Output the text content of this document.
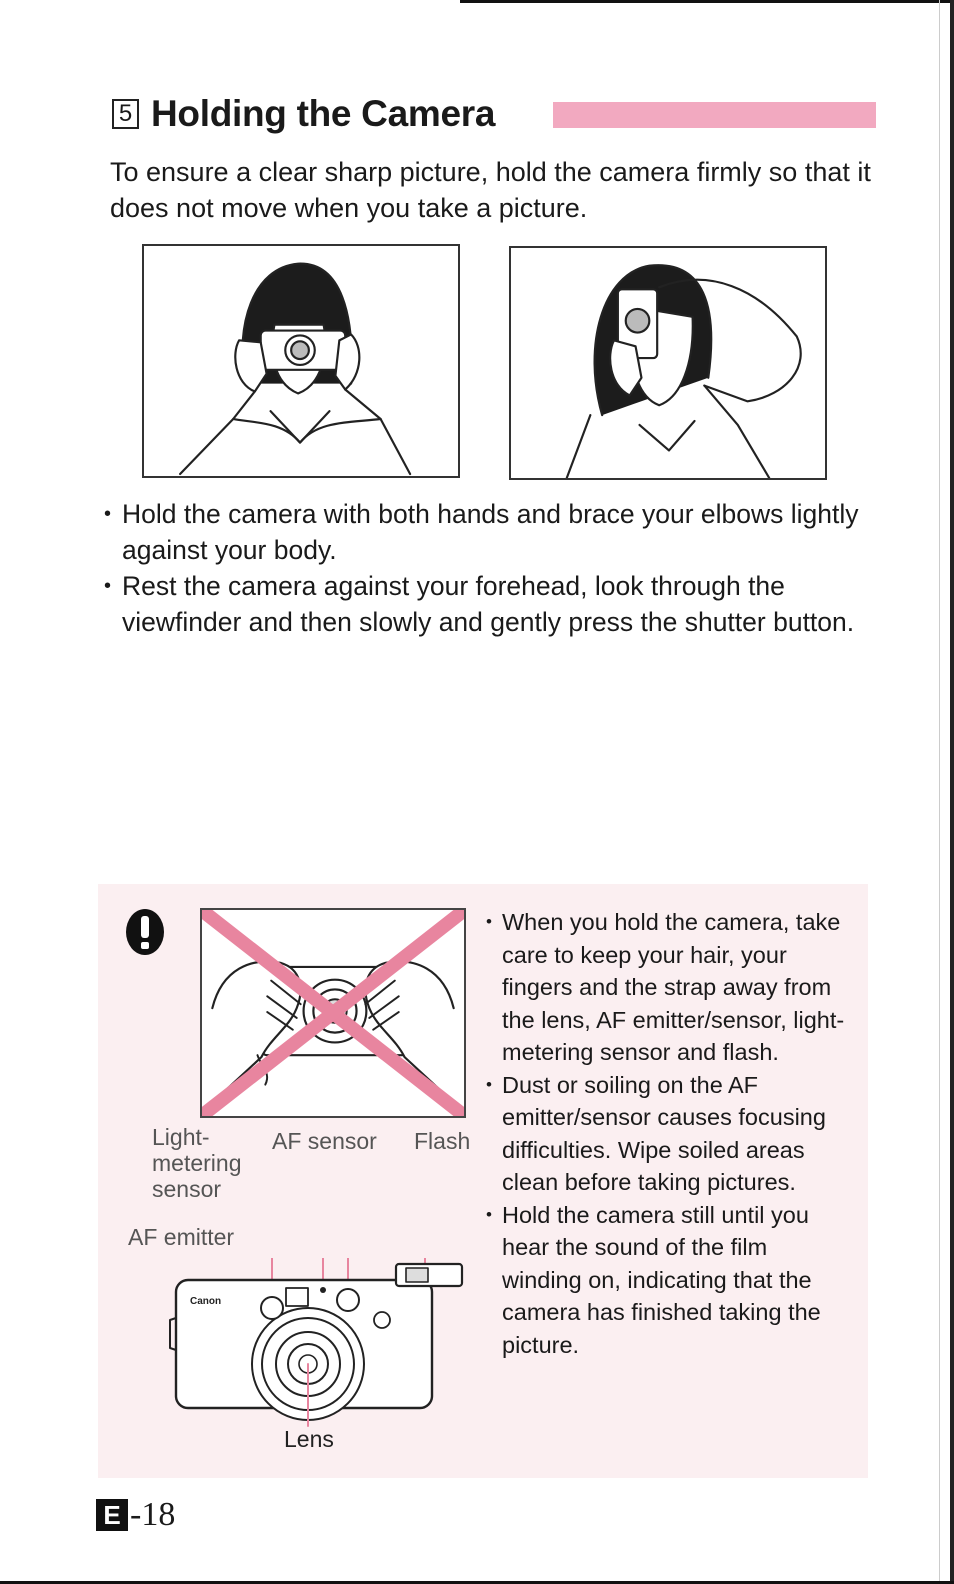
5 Holding the Camera
To ensure a clear sharp picture, hold the camera firmly so that it does not move when you take a picture.
• Hold the camera with both hands and brace your elbows lightly against your body.
• Rest the camera against your forehead, look through the viewfinder and then slowly and gently press the shutter button.
Light-
metering
sensor
AF sensor Flash
AF emitter
Lens
Canon
• When you hold the camera, take care to keep your hair, your fingers and the strap away from the lens, AF emitter/sensor, light-metering sensor and flash.
• Dust or soiling on the AF emitter/sensor causes focusing difficulties. Wipe soiled areas clean before taking pictures.
• Hold the camera still until you hear the sound of the film winding on, indicating that the camera has finished taking the picture.
E -18
